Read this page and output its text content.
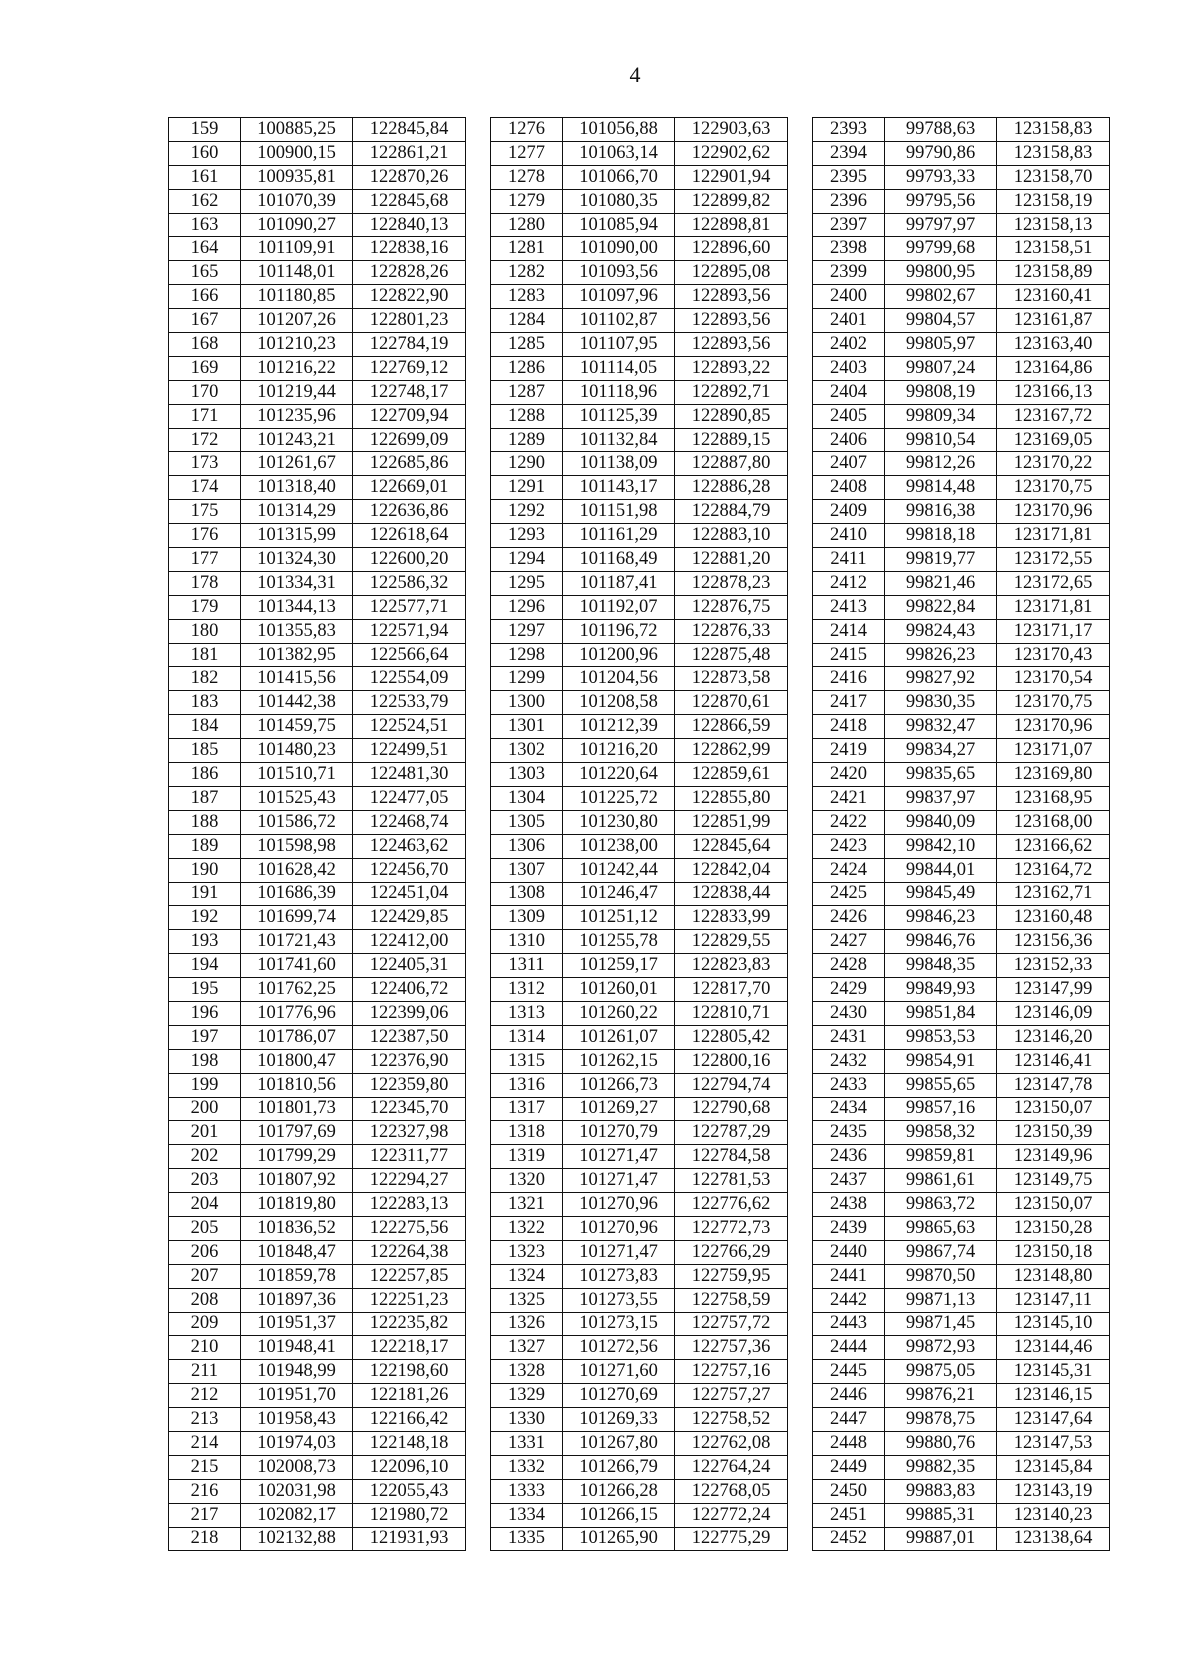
4
159	100885,25	122845,84		1276	101056,88	122903,63		2393	99788,63	123158,83
160	100900,15	122861,21		1277	101063,14	122902,62		2394	99790,86	123158,83
161	100935,81	122870,26		1278	101066,70	122901,94		2395	99793,33	123158,70
162	101070,39	122845,68		1279	101080,35	122899,82		2396	99795,56	123158,19
163	101090,27	122840,13		1280	101085,94	122898,81		2397	99797,97	123158,13
164	101109,91	122838,16		1281	101090,00	122896,60		2398	99799,68	123158,51
165	101148,01	122828,26		1282	101093,56	122895,08		2399	99800,95	123158,89
166	101180,85	122822,90		1283	101097,96	122893,56		2400	99802,67	123160,41
167	101207,26	122801,23		1284	101102,87	122893,56		2401	99804,57	123161,87
168	101210,23	122784,19		1285	101107,95	122893,56		2402	99805,97	123163,40
169	101216,22	122769,12		1286	101114,05	122893,22		2403	99807,24	123164,86
170	101219,44	122748,17		1287	101118,96	122892,71		2404	99808,19	123166,13
171	101235,96	122709,94		1288	101125,39	122890,85		2405	99809,34	123167,72
172	101243,21	122699,09		1289	101132,84	122889,15		2406	99810,54	123169,05
173	101261,67	122685,86		1290	101138,09	122887,80		2407	99812,26	123170,22
174	101318,40	122669,01		1291	101143,17	122886,28		2408	99814,48	123170,75
175	101314,29	122636,86		1292	101151,98	122884,79		2409	99816,38	123170,96
176	101315,99	122618,64		1293	101161,29	122883,10		2410	99818,18	123171,81
177	101324,30	122600,20		1294	101168,49	122881,20		2411	99819,77	123172,55
178	101334,31	122586,32		1295	101187,41	122878,23		2412	99821,46	123172,65
179	101344,13	122577,71		1296	101192,07	122876,75		2413	99822,84	123171,81
180	101355,83	122571,94		1297	101196,72	122876,33		2414	99824,43	123171,17
181	101382,95	122566,64		1298	101200,96	122875,48		2415	99826,23	123170,43
182	101415,56	122554,09		1299	101204,56	122873,58		2416	99827,92	123170,54
183	101442,38	122533,79		1300	101208,58	122870,61		2417	99830,35	123170,75
184	101459,75	122524,51		1301	101212,39	122866,59		2418	99832,47	123170,96
185	101480,23	122499,51		1302	101216,20	122862,99		2419	99834,27	123171,07
186	101510,71	122481,30		1303	101220,64	122859,61		2420	99835,65	123169,80
187	101525,43	122477,05		1304	101225,72	122855,80		2421	99837,97	123168,95
188	101586,72	122468,74		1305	101230,80	122851,99		2422	99840,09	123168,00
189	101598,98	122463,62		1306	101238,00	122845,64		2423	99842,10	123166,62
190	101628,42	122456,70		1307	101242,44	122842,04		2424	99844,01	123164,72
191	101686,39	122451,04		1308	101246,47	122838,44		2425	99845,49	123162,71
192	101699,74	122429,85		1309	101251,12	122833,99		2426	99846,23	123160,48
193	101721,43	122412,00		1310	101255,78	122829,55		2427	99846,76	123156,36
194	101741,60	122405,31		1311	101259,17	122823,83		2428	99848,35	123152,33
195	101762,25	122406,72		1312	101260,01	122817,70		2429	99849,93	123147,99
196	101776,96	122399,06		1313	101260,22	122810,71		2430	99851,84	123146,09
197	101786,07	122387,50		1314	101261,07	122805,42		2431	99853,53	123146,20
198	101800,47	122376,90		1315	101262,15	122800,16		2432	99854,91	123146,41
199	101810,56	122359,80		1316	101266,73	122794,74		2433	99855,65	123147,78
200	101801,73	122345,70		1317	101269,27	122790,68		2434	99857,16	123150,07
201	101797,69	122327,98		1318	101270,79	122787,29		2435	99858,32	123150,39
202	101799,29	122311,77		1319	101271,47	122784,58		2436	99859,81	123149,96
203	101807,92	122294,27		1320	101271,47	122781,53		2437	99861,61	123149,75
204	101819,80	122283,13		1321	101270,96	122776,62		2438	99863,72	123150,07
205	101836,52	122275,56		1322	101270,96	122772,73		2439	99865,63	123150,28
206	101848,47	122264,38		1323	101271,47	122766,29		2440	99867,74	123150,18
207	101859,78	122257,85		1324	101273,83	122759,95		2441	99870,50	123148,80
208	101897,36	122251,23		1325	101273,55	122758,59		2442	99871,13	123147,11
209	101951,37	122235,82		1326	101273,15	122757,72		2443	99871,45	123145,10
210	101948,41	122218,17		1327	101272,56	122757,36		2444	99872,93	123144,46
211	101948,99	122198,60		1328	101271,60	122757,16		2445	99875,05	123145,31
212	101951,70	122181,26		1329	101270,69	122757,27		2446	99876,21	123146,15
213	101958,43	122166,42		1330	101269,33	122758,52		2447	99878,75	123147,64
214	101974,03	122148,18		1331	101267,80	122762,08		2448	99880,76	123147,53
215	102008,73	122096,10		1332	101266,79	122764,24		2449	99882,35	123145,84
216	102031,98	122055,43		1333	101266,28	122768,05		2450	99883,83	123143,19
217	102082,17	121980,72		1334	101266,15	122772,24		2451	99885,31	123140,23
218	102132,88	121931,93		1335	101265,90	122775,29		2452	99887,01	123138,64
